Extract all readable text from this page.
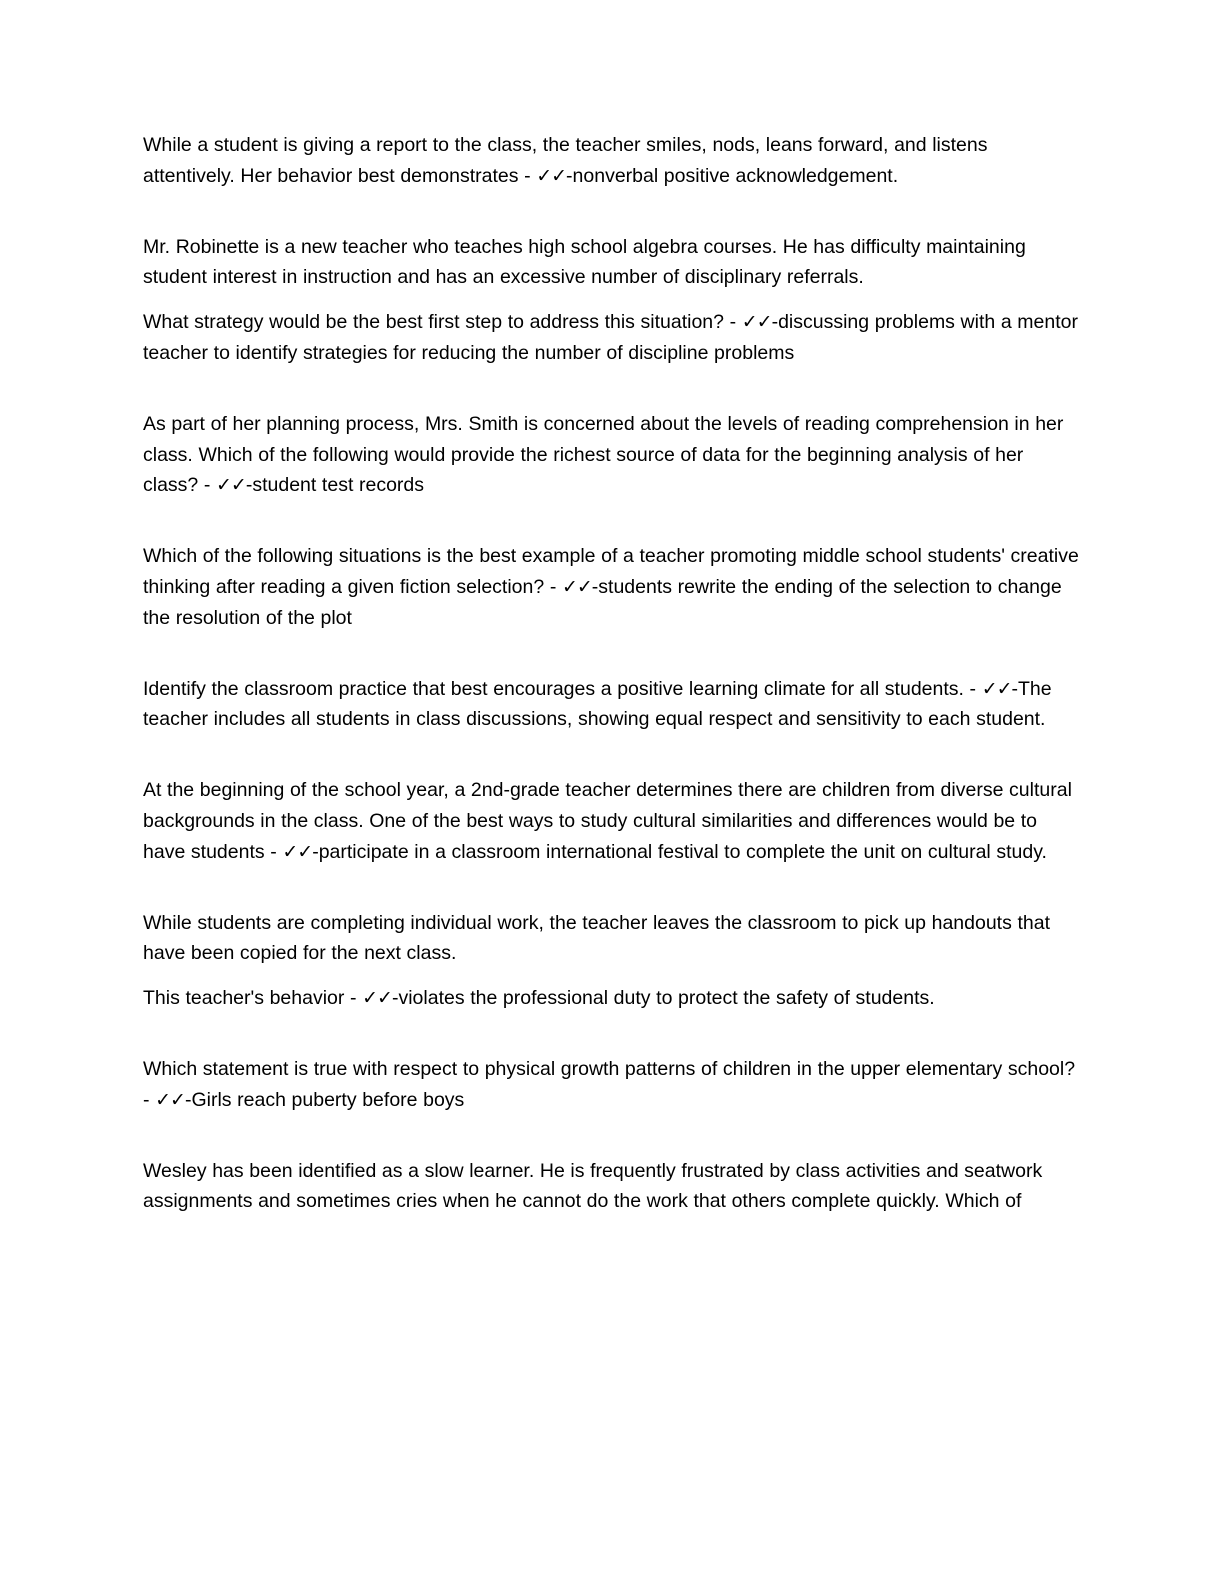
While a student is giving a report to the class, the teacher smiles, nods, leans forward, and listens attentively. Her behavior best demonstrates - ✓✓-nonverbal positive acknowledgement.

Mr. Robinette is a new teacher who teaches high school algebra courses. He has difficulty maintaining student interest in instruction and has an excessive number of disciplinary referrals.

What strategy would be the best first step to address this situation? - ✓✓-discussing problems with a mentor teacher to identify strategies for reducing the number of discipline problems

As part of her planning process, Mrs. Smith is concerned about the levels of reading comprehension in her class. Which of the following would provide the richest source of data for the beginning analysis of her class? - ✓✓-student test records

Which of the following situations is the best example of a teacher promoting middle school students' creative thinking after reading a given fiction selection? - ✓✓-students rewrite the ending of the selection to change the resolution of the plot

Identify the classroom practice that best encourages a positive learning climate for all students. - ✓✓-The teacher includes all students in class discussions, showing equal respect and sensitivity to each student.

At the beginning of the school year, a 2nd-grade teacher determines there are children from diverse cultural backgrounds in the class. One of the best ways to study cultural similarities and differences would be to have students - ✓✓-participate in a classroom international festival to complete the unit on cultural study.

While students are completing individual work, the teacher leaves the classroom to pick up handouts that have been copied for the next class.

This teacher's behavior - ✓✓-violates the professional duty to protect the safety of students.

Which statement is true with respect to physical growth patterns of children in the upper elementary school? - ✓✓-Girls reach puberty before boys

Wesley has been identified as a slow learner. He is frequently frustrated by class activities and seatwork assignments and sometimes cries when he cannot do the work that others complete quickly. Which of
